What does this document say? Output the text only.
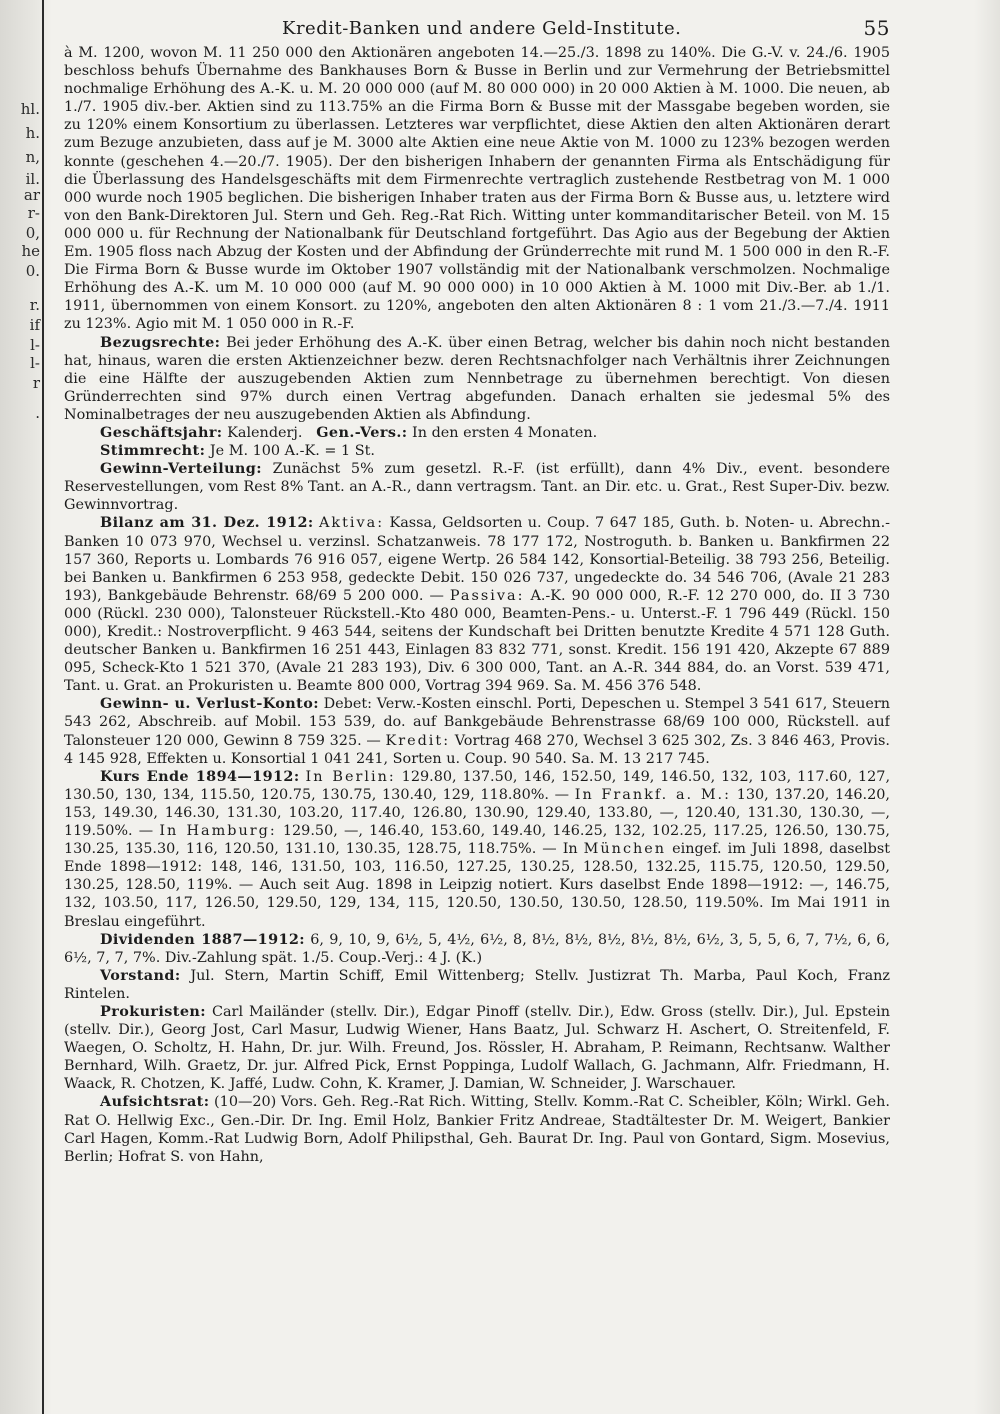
hl.
h.
n,
il.
ar
r-
0,
he
0.
r.
if
l-
l-
r
.
Kredit-Banken und andere Geld-Institute.	55

à M. 1200, wovon M. 11 250 000 den Aktionären angeboten 14.—25./3. 1898 zu 140%. Die G.-V. v. 24./6. 1905 beschloss behufs Übernahme des Bankhauses Born & Busse in Berlin und zur Vermehrung der Betriebsmittel nochmalige Erhöhung des A.-K. u. M. 20 000 000 (auf M. 80 000 000) in 20 000 Aktien à M. 1000. Die neuen, ab 1./7. 1905 div.-ber. Aktien sind zu 113.75% an die Firma Born & Busse mit der Massgabe begeben worden, sie zu 120% einem Konsortium zu überlassen. Letzteres war verpflichtet, diese Aktien den alten Aktionären derart zum Bezuge anzubieten, dass auf je M. 3000 alte Aktien eine neue Aktie von M. 1000 zu 123% bezogen werden konnte (geschehen 4.—20./7. 1905). Der den bisherigen Inhabern der genannten Firma als Entschädigung für die Überlassung des Handelsgeschäfts mit dem Firmenrechte vertraglich zustehende Restbetrag von M. 1 000 000 wurde noch 1905 beglichen. Die bisherigen Inhaber traten aus der Firma Born & Busse aus, u. letztere wird von den Bank-Direktoren Jul. Stern und Geh. Reg.-Rat Rich. Witting unter kommanditarischer Beteil. von M. 15 000 000 u. für Rechnung der Nationalbank für Deutschland fortgeführt. Das Agio aus der Begebung der Aktien Em. 1905 floss nach Abzug der Kosten und der Abfindung der Gründerrechte mit rund M. 1 500 000 in den R.-F. Die Firma Born & Busse wurde im Oktober 1907 vollständig mit der Nationalbank verschmolzen. Nochmalige Erhöhung des A.-K. um M. 10 000 000 (auf M. 90 000 000) in 10 000 Aktien à M. 1000 mit Div.-Ber. ab 1./1. 1911, übernommen von einem Konsort. zu 120%, angeboten den alten Aktionären 8 : 1 vom 21./3.—7./4. 1911 zu 123%. Agio mit M. 1 050 000 in R.-F.

Bezugsrechte: Bei jeder Erhöhung des A.-K. über einen Betrag, welcher bis dahin noch nicht bestanden hat, hinaus, waren die ersten Aktienzeichner bezw. deren Rechtsnachfolger nach Verhältnis ihrer Zeichnungen die eine Hälfte der auszugebenden Aktien zum Nennbetrage zu übernehmen berechtigt. Von diesen Gründerrechten sind 97% durch einen Vertrag abgefunden. Danach erhalten sie jedesmal 5% des Nominalbetrages der neu auszugebenden Aktien als Abfindung.

Geschäftsjahr: Kalenderj. Gen.-Vers.: In den ersten 4 Monaten.

Stimmrecht: Je M. 100 A.-K. = 1 St.

Gewinn-Verteilung: Zunächst 5% zum gesetzl. R.-F. (ist erfüllt), dann 4% Div., event. besondere Reservestellungen, vom Rest 8% Tant. an A.-R., dann vertragsm. Tant. an Dir. etc. u. Grat., Rest Super-Div. bezw. Gewinnvortrag.

Bilanz am 31. Dez. 1912: Aktiva: Kassa, Geldsorten u. Coup. 7 647 185, Guth. b. Noten- u. Abrechn.-Banken 10 073 970, Wechsel u. verzinsl. Schatzanweis. 78 177 172, Nostroguth. b. Banken u. Bankfirmen 22 157 360, Reports u. Lombards 76 916 057, eigene Wertp. 26 584 142, Konsortial-Beteilig. 38 793 256, Beteilig. bei Banken u. Bankfirmen 6 253 958, gedeckte Debit. 150 026 737, ungedeckte do. 34 546 706, (Avale 21 283 193), Bankgebäude Behrenstr. 68/69 5 200 000. — Passiva: A.-K. 90 000 000, R.-F. 12 270 000, do. II 3 730 000 (Rückl. 230 000), Talonsteuer Rückstell.-Kto 480 000, Beamten-Pens.- u. Unterst.-F. 1 796 449 (Rückl. 150 000), Kredit.: Nostroverpflicht. 9 463 544, seitens der Kundschaft bei Dritten benutzte Kredite 4 571 128 Guth. deutscher Banken u. Bankfirmen 16 251 443, Einlagen 83 832 771, sonst. Kredit. 156 191 420, Akzepte 67 889 095, Scheck-Kto 1 521 370, (Avale 21 283 193), Div. 6 300 000, Tant. an A.-R. 344 884, do. an Vorst. 539 471, Tant. u. Grat. an Prokuristen u. Beamte 800 000, Vortrag 394 969. Sa. M. 456 376 548.

Gewinn- u. Verlust-Konto: Debet: Verw.-Kosten einschl. Porti, Depeschen u. Stempel 3 541 617, Steuern 543 262, Abschreib. auf Mobil. 153 539, do. auf Bankgebäude Behrenstrasse 68/69 100 000, Rückstell. auf Talonsteuer 120 000, Gewinn 8 759 325. — Kredit: Vortrag 468 270, Wechsel 3 625 302, Zs. 3 846 463, Provis. 4 145 928, Effekten u. Konsortial 1 041 241, Sorten u. Coup. 90 540. Sa. M. 13 217 745.

Kurs Ende 1894—1912: In Berlin: 129.80, 137.50, 146, 152.50, 149, 146.50, 132, 103, 117.60, 127, 130.50, 130, 134, 115.50, 120.75, 130.75, 130.40, 129, 118.80%. — In Frankf. a. M.: 130, 137.20, 146.20, 153, 149.30, 146.30, 131.30, 103.20, 117.40, 126.80, 130.90, 129.40, 133.80, —, 120.40, 131.30, 130.30, —, 119.50%. — In Hamburg: 129.50, —, 146.40, 153.60, 149.40, 146.25, 132, 102.25, 117.25, 126.50, 130.75, 130.25, 135.30, 116, 120.50, 131.10, 130.35, 128.75, 118.75%. — In München eingef. im Juli 1898, daselbst Ende 1898—1912: 148, 146, 131.50, 103, 116.50, 127.25, 130.25, 128.50, 132.25, 115.75, 120.50, 129.50, 130.25, 128.50, 119%. — Auch seit Aug. 1898 in Leipzig notiert. Kurs daselbst Ende 1898—1912: —, 146.75, 132, 103.50, 117, 126.50, 129.50, 129, 134, 115, 120.50, 130.50, 130.50, 128.50, 119.50%. Im Mai 1911 in Breslau eingeführt.

Dividenden 1887—1912: 6, 9, 10, 9, 6½, 5, 4½, 6½, 8, 8½, 8½, 8½, 8½, 8½, 6½, 3, 5, 5, 6, 7, 7½, 6, 6, 6½, 7, 7, 7%. Div.-Zahlung spät. 1./5. Coup.-Verj.: 4 J. (K.)

Vorstand: Jul. Stern, Martin Schiff, Emil Wittenberg; Stellv. Justizrat Th. Marba, Paul Koch, Franz Rintelen.

Prokuristen: Carl Mailänder (stellv. Dir.), Edgar Pinoff (stellv. Dir.), Edw. Gross (stellv. Dir.), Jul. Epstein (stellv. Dir.), Georg Jost, Carl Masur, Ludwig Wiener, Hans Baatz, Jul. Schwarz H. Aschert, O. Streitenfeld, F. Waegen, O. Scholtz, H. Hahn, Dr. jur. Wilh. Freund, Jos. Rössler, H. Abraham, P. Reimann, Rechtsanw. Walther Bernhard, Wilh. Graetz, Dr. jur. Alfred Pick, Ernst Poppinga, Ludolf Wallach, G. Jachmann, Alfr. Friedmann, H. Waack, R. Chotzen, K. Jaffé, Ludw. Cohn, K. Kramer, J. Damian, W. Schneider, J. Warschauer.

Aufsichtsrat: (10—20) Vors. Geh. Reg.-Rat Rich. Witting, Stellv. Komm.-Rat C. Scheibler, Köln; Wirkl. Geh. Rat O. Hellwig Exc., Gen.-Dir. Dr. Ing. Emil Holz, Bankier Fritz Andreae, Stadtältester Dr. M. Weigert, Bankier Carl Hagen, Komm.-Rat Ludwig Born, Adolf Philipsthal, Geh. Baurat Dr. Ing. Paul von Gontard, Sigm. Mosevius, Berlin; Hofrat S. von Hahn,
